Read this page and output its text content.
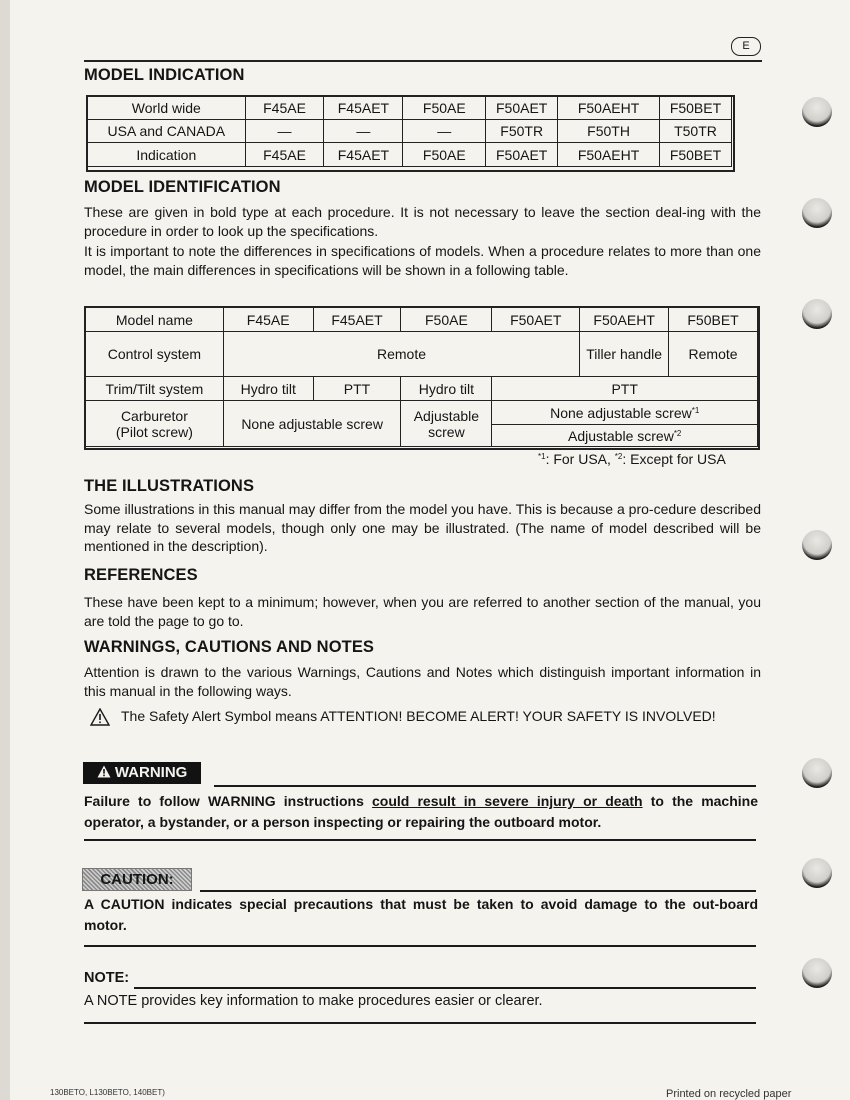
E
MODEL INDICATION
World wide	F45AE	F45AET	F50AE	F50AET	F50AEHT	F50BET
USA and CANADA	—	—	—	F50TR	F50TH	T50TR
Indication	F45AE	F45AET	F50AE	F50AET	F50AEHT	F50BET
MODEL IDENTIFICATION

These are given in bold type at each procedure. It is not necessary to leave the section deal-ing with the procedure in order to look up the specifications.

It is important to note the differences in specifications of models. When a procedure relates to more than one model, the main differences in specifications will be shown in a following table.

Model name	F45AE	F45AET	F50AE	F50AET	F50AEHT	F50BET
Control system	Remote				Tiller handle	Remote
Trim/Tilt system	Hydro tilt	PTT	Hydro tilt	PTT		
Carburetor (Pilot screw)	None adjustable screw		Adjustable screw	None adjustable screw$^{*1}$
				Adjustable screw$^{*2}$
$^{*1}$: For USA, $^{*2}$: Except for USA
THE ILLUSTRATIONS

Some illustrations in this manual may differ from the model you have. This is because a pro-cedure described may relate to several models, though only one may be illustrated. (The name of model described will be mentioned in the description).

REFERENCES

These have been kept to a minimum; however, when you are referred to another section of the manual, you are told the page to go to.

WARNINGS, CAUTIONS AND NOTES

Attention is drawn to the various Warnings, Cautions and Notes which distinguish important information in this manual in the following ways.

The Safety Alert Symbol means ATTENTION! BECOME ALERT! YOUR SAFETY IS INVOLVED!

WARNING

Failure to follow WARNING instructions could result in severe injury or death to the machine operator, a bystander, or a person inspecting or repairing the outboard motor.

CAUTION:

A CAUTION indicates special precautions that must be taken to avoid damage to the out-board motor.

NOTE:

A NOTE provides key information to make procedures easier or clearer.

130BETO, L130BETO, 140BET)	Printed on recycled paper
